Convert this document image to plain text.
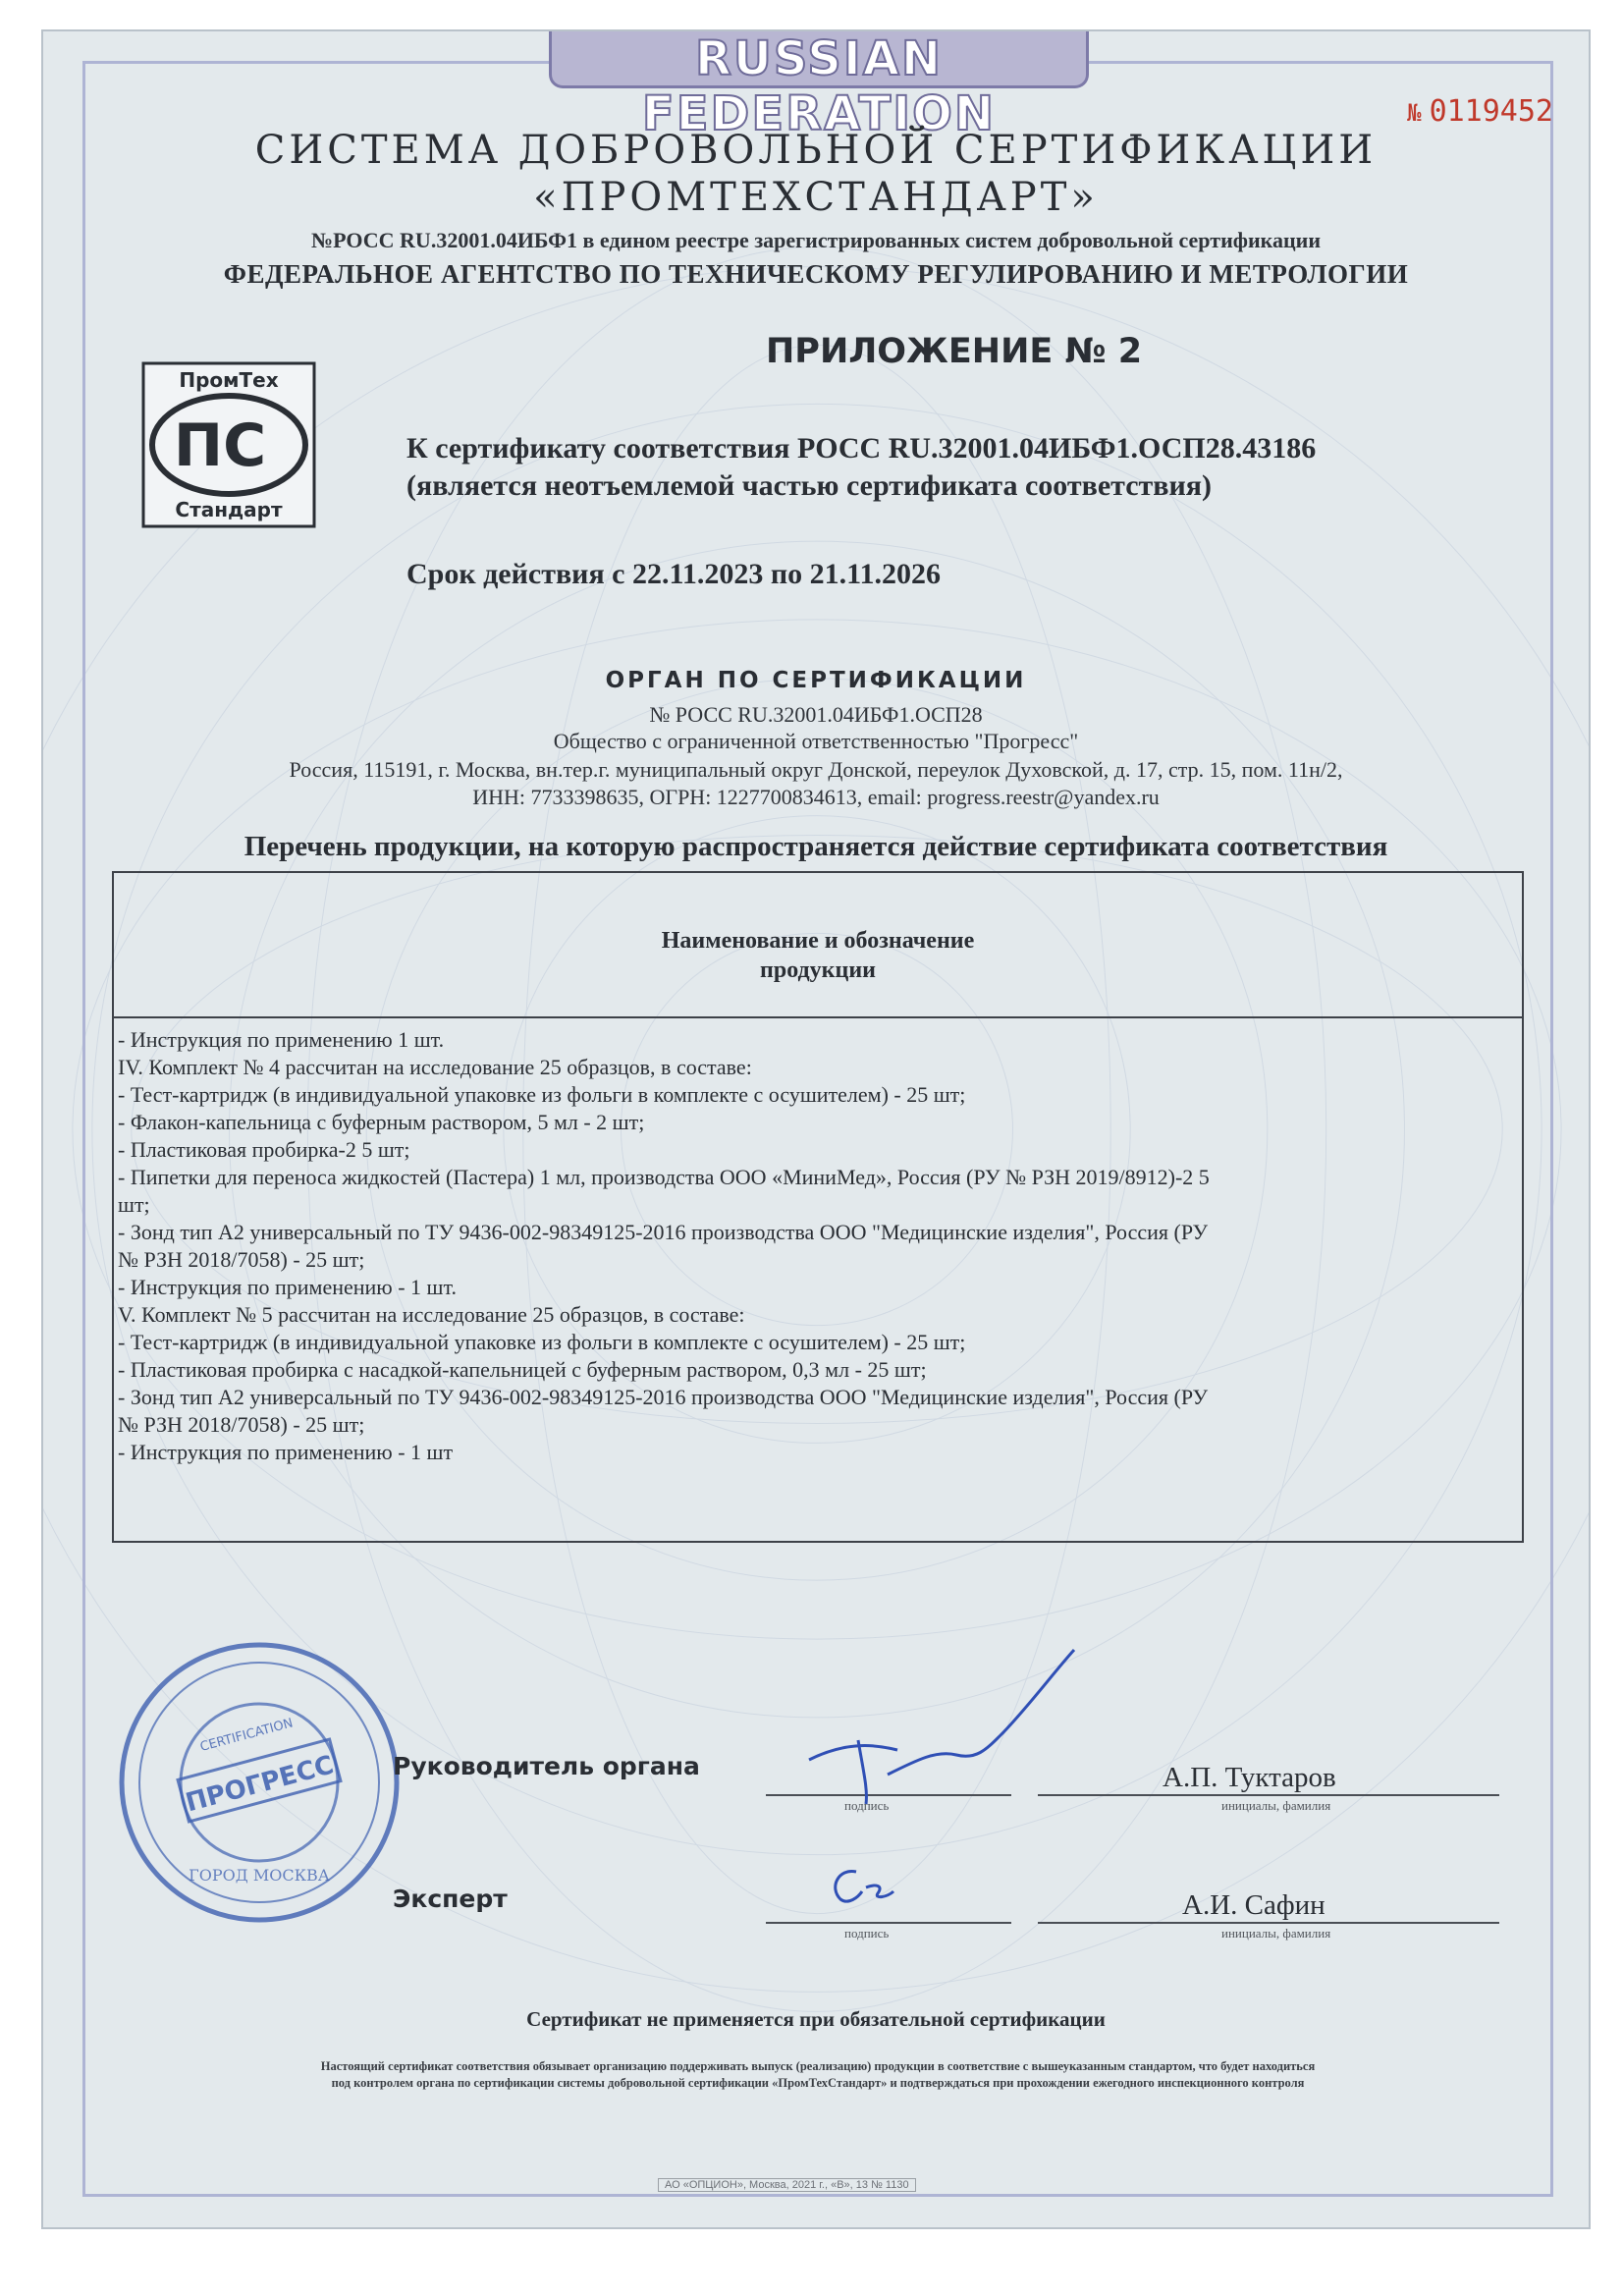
RUSSIAN FEDERATION	№ 0119452
СИСТЕМА ДОБРОВОЛЬНОЙ СЕРТИФИКАЦИИ
«ПРОМТЕХСТАНДАРТ»
№РОСС RU.32001.04ИБФ1 в едином реестре зарегистрированных систем добровольной сертификации
ФЕДЕРАЛЬНОЕ АГЕНТСТВО ПО ТЕХНИЧЕСКОМУ РЕГУЛИРОВАНИЮ И МЕТРОЛОГИИ
ПРИЛОЖЕНИЕ № 2
ПромТех
ПС
Стандарт
К сертификату соответствия РОСС RU.32001.04ИБФ1.ОСП28.43186
(является неотъемлемой частью сертификата соответствия)
Срок действия с 22.11.2023 по 21.11.2026
ОРГАН ПО СЕРТИФИКАЦИИ
№ РОСС RU.32001.04ИБФ1.ОСП28
Общество с ограниченной ответственностью "Прогресс"
Россия, 115191, г. Москва, вн.тер.г. муниципальный округ Донской, переулок Духовской, д. 17, стр. 15, пом. 11н/2,
ИНН: 7733398635, ОГРН: 1227700834613, email: progress.reestr@yandex.ru
Перечень продукции, на которую распространяется действие сертификата соответствия
Наименование и обозначение
продукции
- Инструкция по применению 1 шт.
IV. Комплект № 4 рассчитан на исследование 25 образцов, в составе:
- Тест-картридж (в индивидуальной упаковке из фольги в комплекте с осушителем) - 25 шт;
- Флакон-капельница с буферным раствором, 5 мл - 2 шт;
- Пластиковая пробирка-2 5 шт;
- Пипетки для переноса жидкостей (Пастера) 1 мл, производства ООО «МиниМед», Россия (РУ № РЗН 2019/8912)-2 5
шт;
- Зонд тип А2 универсальный по ТУ 9436-002-98349125-2016 производства ООО "Медицинские изделия", Россия (РУ
№ РЗН 2018/7058) - 25 шт;
- Инструкция по применению - 1 шт.
V. Комплект № 5 рассчитан на исследование 25 образцов, в составе:
- Тест-картридж (в индивидуальной упаковке из фольги в комплекте с осушителем) - 25 шт;
- Пластиковая пробирка с насадкой-капельницей с буферным раствором, 0,3 мл - 25 шт;
- Зонд тип А2 универсальный по ТУ 9436-002-98349125-2016 производства ООО "Медицинские изделия", Россия (РУ
№ РЗН 2018/7058) - 25 шт;
- Инструкция по применению - 1 шт
ПРОГРЕСС
CERTIFICATION
ГОРОД МОСКВА
Руководитель органа
подпись
А.П. Туктаров
инициалы, фамилия
Эксперт
подпись
А.И. Сафин
инициалы, фамилия
Сертификат не применяется при обязательной сертификации
Настоящий сертификат соответствия обязывает организацию поддерживать выпуск (реализацию) продукции в соответствие с вышеуказанным стандартом, что будет находиться
под контролем органа по сертификации системы добровольной сертификации «ПромТехСтандарт» и подтверждаться при прохождении ежегодного инспекционного контроля
АО «ОПЦИОН», Москва, 2021 г., «В», 13 № 1130
